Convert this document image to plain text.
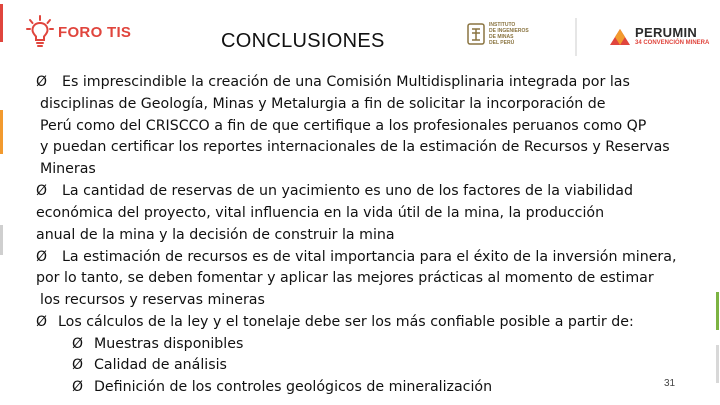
FORO TIS	CONCLUSIONES
INSTITUTO
DE INGENIEROS
DE MINAS
DEL PERÚ
PERUMIN
34 CONVENCIÓN MINERA
Ø Es imprescindible la creación de una Comisión Multidisplinaria integrada por las
disciplinas de Geología, Minas y Metalurgia a fin de solicitar la incorporación de
Perú como del CRISCCO a fin de que certifique a los profesionales peruanos como QP
y puedan certificar los reportes internacionales de la estimación de Recursos y Reservas
Mineras
Ø La cantidad de reservas de un yacimiento es uno de los factores de la viabilidad
económica del proyecto, vital influencia en la vida útil de la mina, la producción
anual de la mina y la decisión de construir la mina
Ø La estimación de recursos es de vital importancia para el éxito de la inversión minera,
por lo tanto, se deben fomentar y aplicar las mejores prácticas al momento de estimar
los recursos y reservas mineras
Ø Los cálculos de la ley y el tonelaje debe ser los más confiable posible a partir de:
Ø Muestras disponibles
Ø Calidad de análisis
Ø Definición de los controles geológicos de mineralización	31
